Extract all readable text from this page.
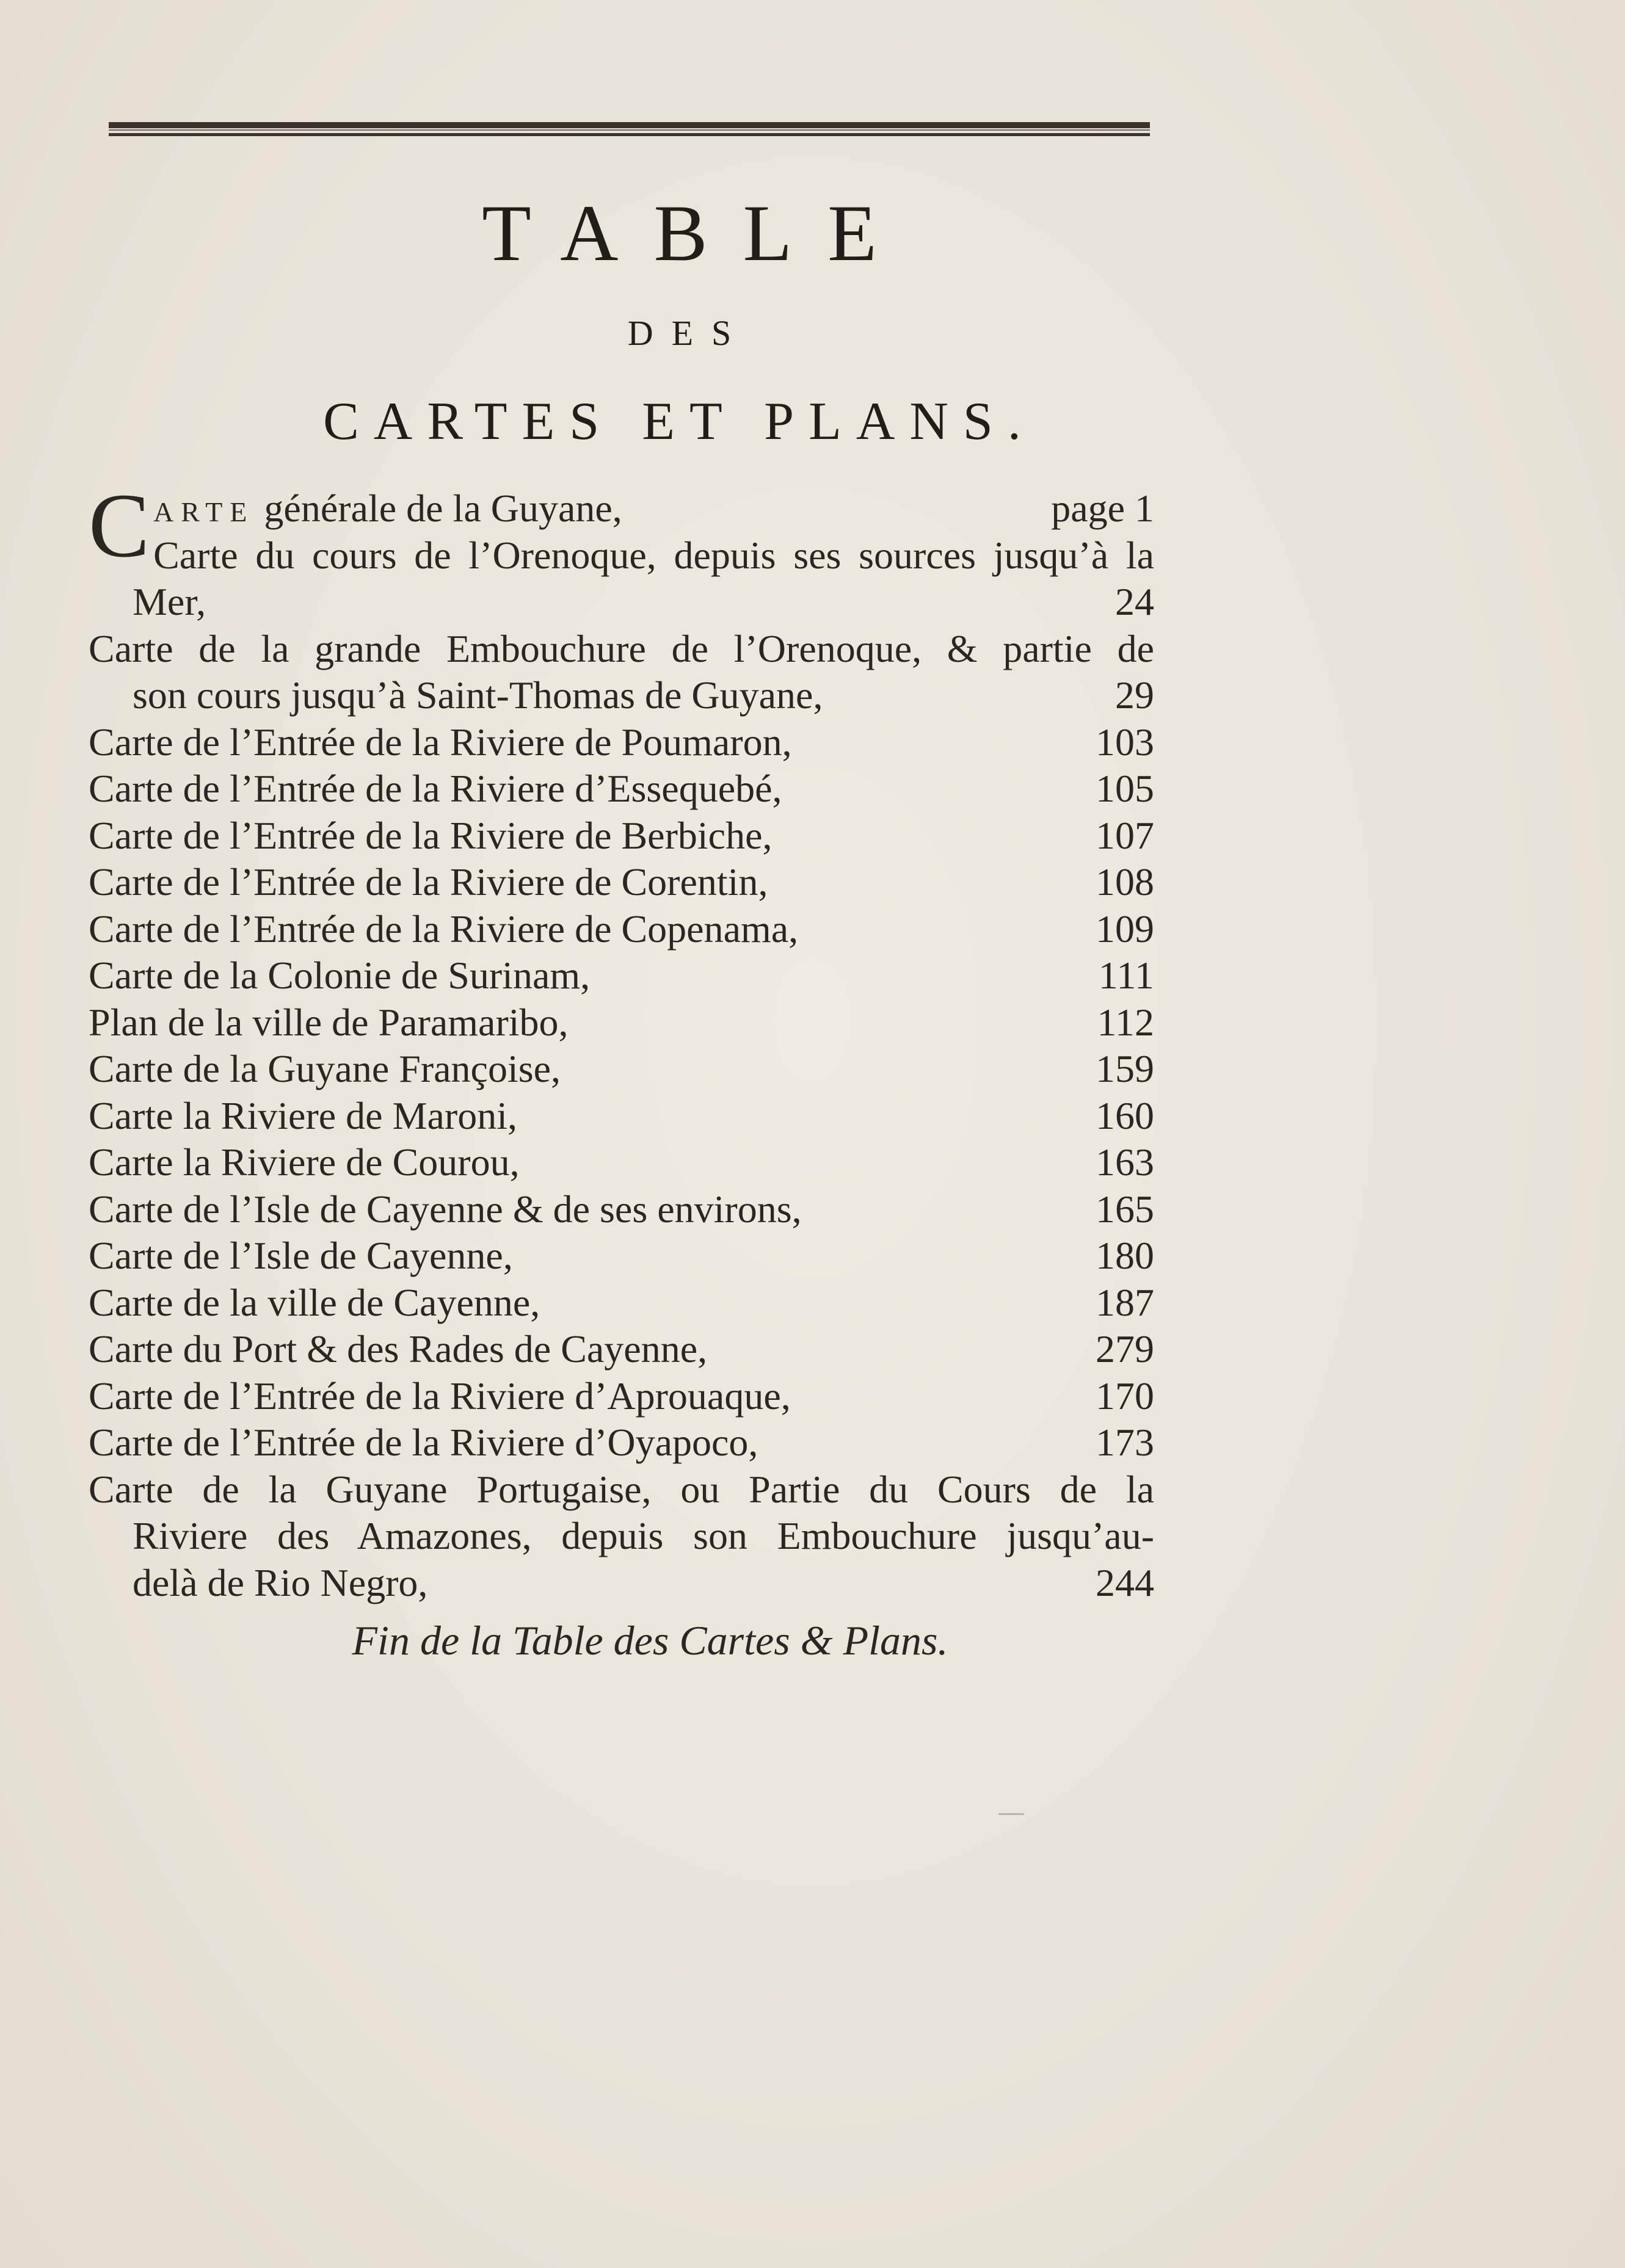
TABLE
DES
CARTES ET PLANS.
C ARTE générale de la Guyane,	page 1
Carte du cours de l’Orenoque, depuis ses sources jusqu’à la
Mer,	24
Carte de la grande Embouchure de l’Orenoque, & partie de
son cours jusqu’à Saint-Thomas de Guyane,	29
Carte de l’Entrée de la Riviere de Poumaron,	103
Carte de l’Entrée de la Riviere d’Essequebé,	105
Carte de l’Entrée de la Riviere de Berbiche,	107
Carte de l’Entrée de la Riviere de Corentin,	108
Carte de l’Entrée de la Riviere de Copenama,	109
Carte de la Colonie de Surinam,	111
Plan de la ville de Paramaribo,	112
Carte de la Guyane Françoise,	159
Carte la Riviere de Maroni,	160
Carte la Riviere de Courou,	163
Carte de l’Isle de Cayenne & de ses environs,	165
Carte de l’Isle de Cayenne,	180
Carte de la ville de Cayenne,	187
Carte du Port & des Rades de Cayenne,	279
Carte de l’Entrée de la Riviere d’Aprouaque,	170
Carte de l’Entrée de la Riviere d’Oyapoco,	173
Carte de la Guyane Portugaise, ou Partie du Cours de la
Riviere des Amazones, depuis son Embouchure jusqu’au-
delà de Rio Negro,	244
Fin de la Table des Cartes & Plans.
